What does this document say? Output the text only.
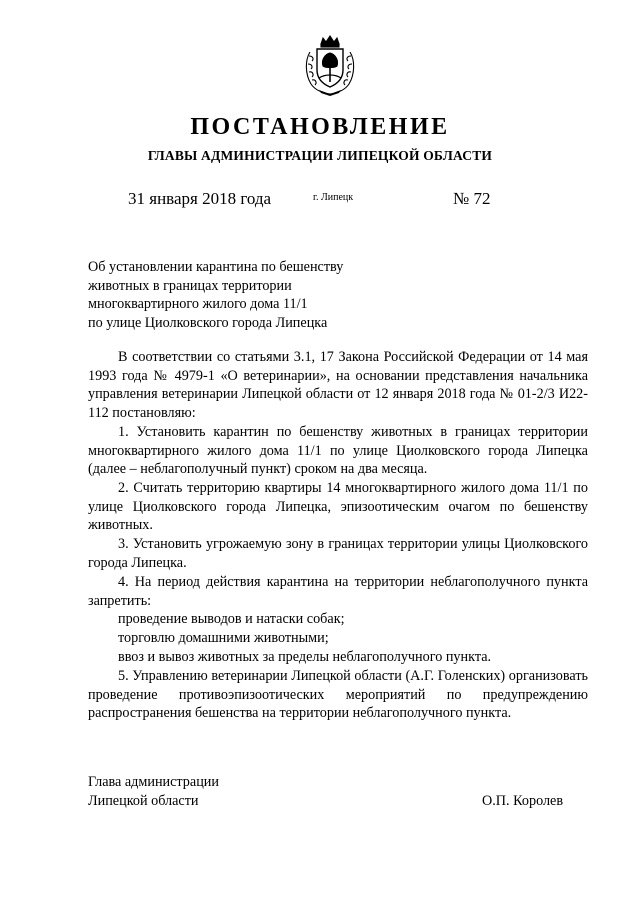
ПОСТАНОВЛЕНИЕ
ГЛАВЫ АДМИНИСТРАЦИИ ЛИПЕЦКОЙ ОБЛАСТИ
31 января 2018 года	г. Липецк	№ 72
Об установлении карантина по бешенству
животных в границах территории
многоквартирного жилого дома 11/1
по улице Циолковского города Липецка
В соответствии со статьями 3.1, 17 Закона Российской Федерации от 14 мая 1993 года № 4979-1 «О ветеринарии», на основании представления начальника управления ветеринарии Липецкой области от 12 января 2018 года № 01-2/3 И22-112 постановляю:
1. Установить карантин по бешенству животных в границах территории многоквартирного жилого дома 11/1 по улице Циолковского города Липецка (далее – неблагополучный пункт) сроком на два месяца.
2. Считать территорию квартиры 14 многоквартирного жилого дома 11/1 по улице Циолковского города Липецка, эпизоотическим очагом по бешенству животных.
3. Установить угрожаемую зону в границах территории улицы Циолковского города Липецка.
4. На период действия карантина на территории неблагополучного пункта запретить:
проведение выводов и натаски собак;
торговлю домашними животными;
ввоз и вывоз животных за пределы неблагополучного пункта.
5. Управлению ветеринарии Липецкой области (А.Г. Голенских) организовать проведение противоэпизоотических мероприятий по предупреждению распространения бешенства на территории неблагополучного пункта.
Глава администрации
Липецкой области	О.П. Королев
